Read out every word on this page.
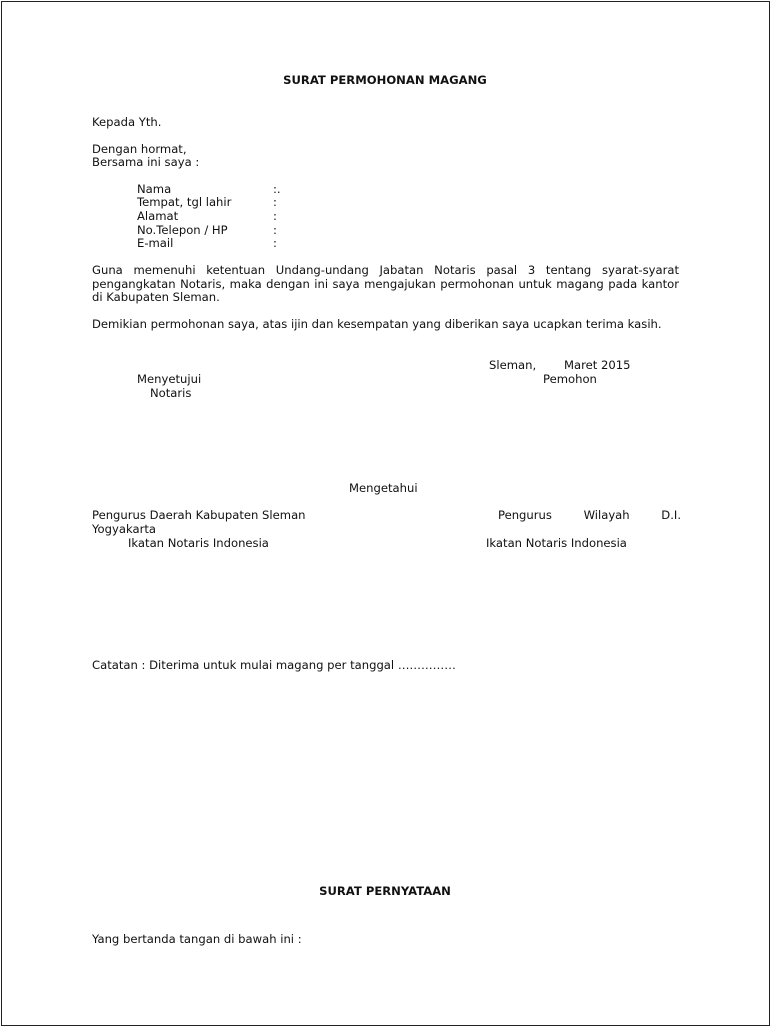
SURAT PERMOHONAN MAGANG
Kepada Yth.
Dengan hormat,
Bersama ini saya :
Nama	:.
Tempat, tgl lahir	:
Alamat	:
No.Telepon / HP	:
E-mail	:
Guna memenuhi ketentuan Undang-undang Jabatan Notaris pasal 3 tentang syarat-syarat pengangkatan Notaris, maka dengan ini saya mengajukan permohonan untuk magang pada kantor di Kabupaten Sleman.
Demikian permohonan saya, atas ijin dan kesempatan yang diberikan saya ucapkan terima kasih.
Sleman, Maret 2015
Menyetujui
Notaris
Pemohon
Mengetahui
Pengurus Daerah Kabupaten Sleman	Pengurus	Wilayah	D.I.
Yogyakarta
Ikatan Notaris Indonesia	Ikatan Notaris Indonesia
Catatan : Diterima untuk mulai magang per tanggal ……………
SURAT PERNYATAAN
Yang bertanda tangan di bawah ini :
